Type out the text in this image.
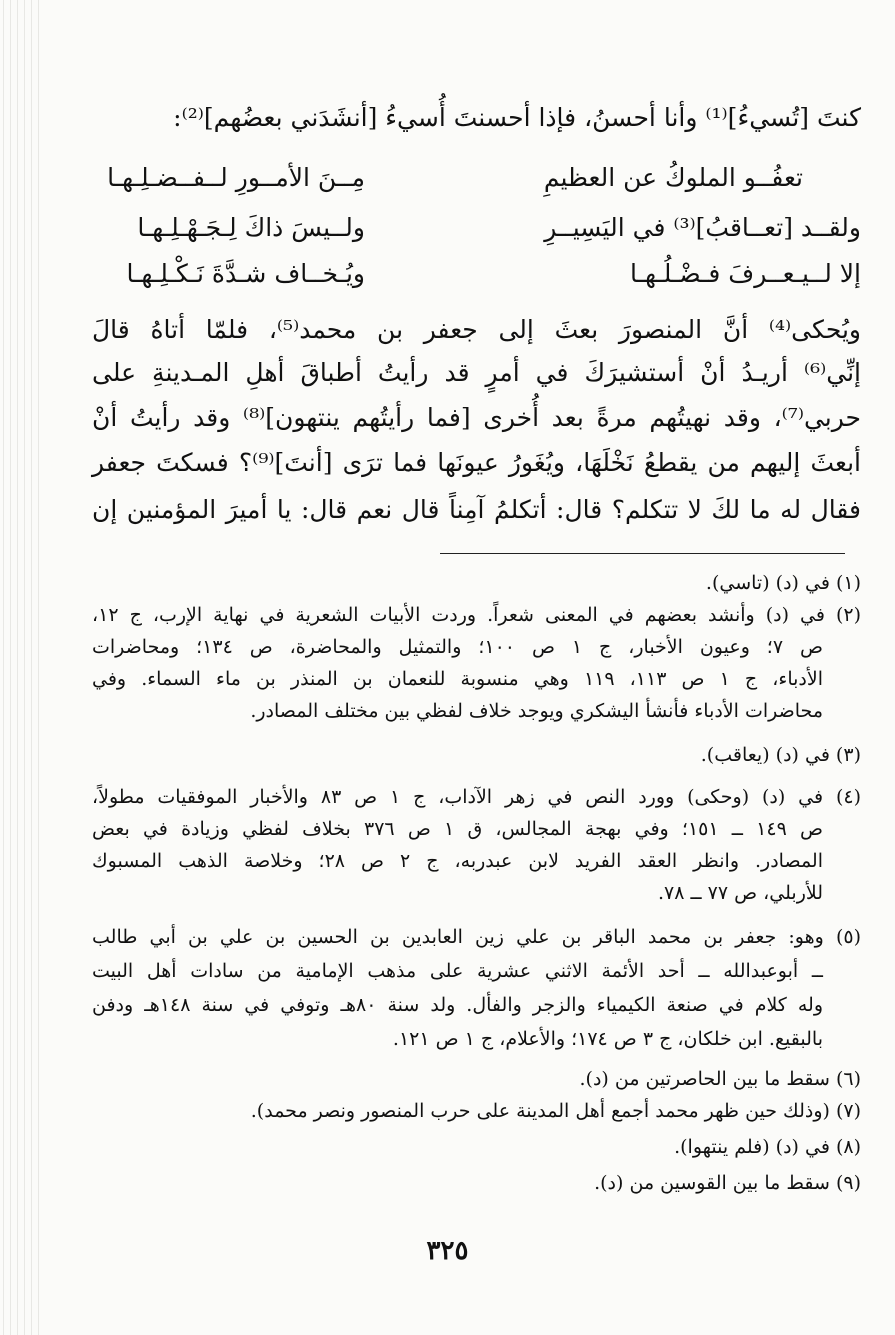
كنتَ [تُسيءُ]⁽¹⁾ وأنا أحسنُ، فإذا أحسنتَ أُسيءُ [أنشَدَني بعضُهم]⁽²⁾:
تعفُــو الملوكُ عن العظيمِ
مِــنَ الأمــورِ لــفــضـلِـهـا
ولقــد [تعــاقبُ]⁽³⁾ في اليَسِيــرِ
ولــيسَ ذاكَ لِـجَـهْـلِـهـا
إلا لــيـعــرفَ فـضْـلُـهـا
ويُـخــاف شـدَّةَ نَـكْـلِـهـا
ويُحكى⁽⁴⁾ أنَّ المنصورَ بعثَ إلى جعفر بن محمد⁽⁵⁾، فلمّا أتاهُ قالَ
إنِّي⁽⁶⁾ أريـدُ أنْ أستشيرَكَ في أمرٍ قد رأيتُ أطباقَ أهلِ المـدينةِ على
حربي⁽⁷⁾، وقد نهيتُهم مرةً بعد أُخرى [فما رأيتُهم ينتهون]⁽⁸⁾ وقد رأيتُ أنْ
أبعثَ إليهم من يقطعُ نَخْلَهَا، ويُغَورُ عيونَها فما ترَى [أنتَ]⁽⁹⁾؟ فسكتَ جعفر
فقال له ما لكَ لا تتكلم؟ قال: أتكلمُ آمِناً قال نعم قال: يا أميرَ المؤمنين إن
(١) في (د) (تاسي).
(٢) في (د) وأنشد بعضهم في المعنى شعراً. وردت الأبيات الشعرية في نهاية الإرب، ج ١٢،
ص ٧؛ وعيون الأخبار، ج ١ ص ١٠٠؛ والتمثيل والمحاضرة، ص ١٣٤؛ ومحاضرات
الأدباء، ج ١ ص ١١٣، ١١٩ وهي منسوبة للنعمان بن المنذر بن ماء السماء. وفي
محاضرات الأدباء فأنشأ اليشكري ويوجد خلاف لفظي بين مختلف المصادر.
(٣) في (د) (يعاقب).
(٤) في (د) (وحكى) وورد النص في زهر الآداب، ج ١ ص ٨٣ والأخبار الموفقيات مطولاً،
ص ١٤٩ ــ ١٥١؛ وفي بهجة المجالس، ق ١ ص ٣٧٦ بخلاف لفظي وزيادة في بعض
المصادر. وانظر العقد الفريد لابن عبدربه، ج ٢ ص ٢٨؛ وخلاصة الذهب المسبوك
للأربلي، ص ٧٧ ــ ٧٨.
(٥) وهو: جعفر بن محمد الباقر بن علي زين العابدين بن الحسين بن علي بن أبي طالب
ــ أبوعبدالله ــ أحد الأئمة الاثني عشرية على مذهب الإمامية من سادات أهل البيت
وله كلام في صنعة الكيمياء والزجر والفأل. ولد سنة ٨٠هـ وتوفي في سنة ١٤٨هـ ودفن
بالبقيع. ابن خلكان، ج ٣ ص ١٧٤؛ والأعلام، ج ١ ص ١٢١.
(٦) سقط ما بين الحاصرتين من (د).
(٧) (وذلك حين ظهر محمد أجمع أهل المدينة على حرب المنصور ونصر محمد).
(٨) في (د) (فلم ينتهوا).
(٩) سقط ما بين القوسين من (د).
٣٢٥
